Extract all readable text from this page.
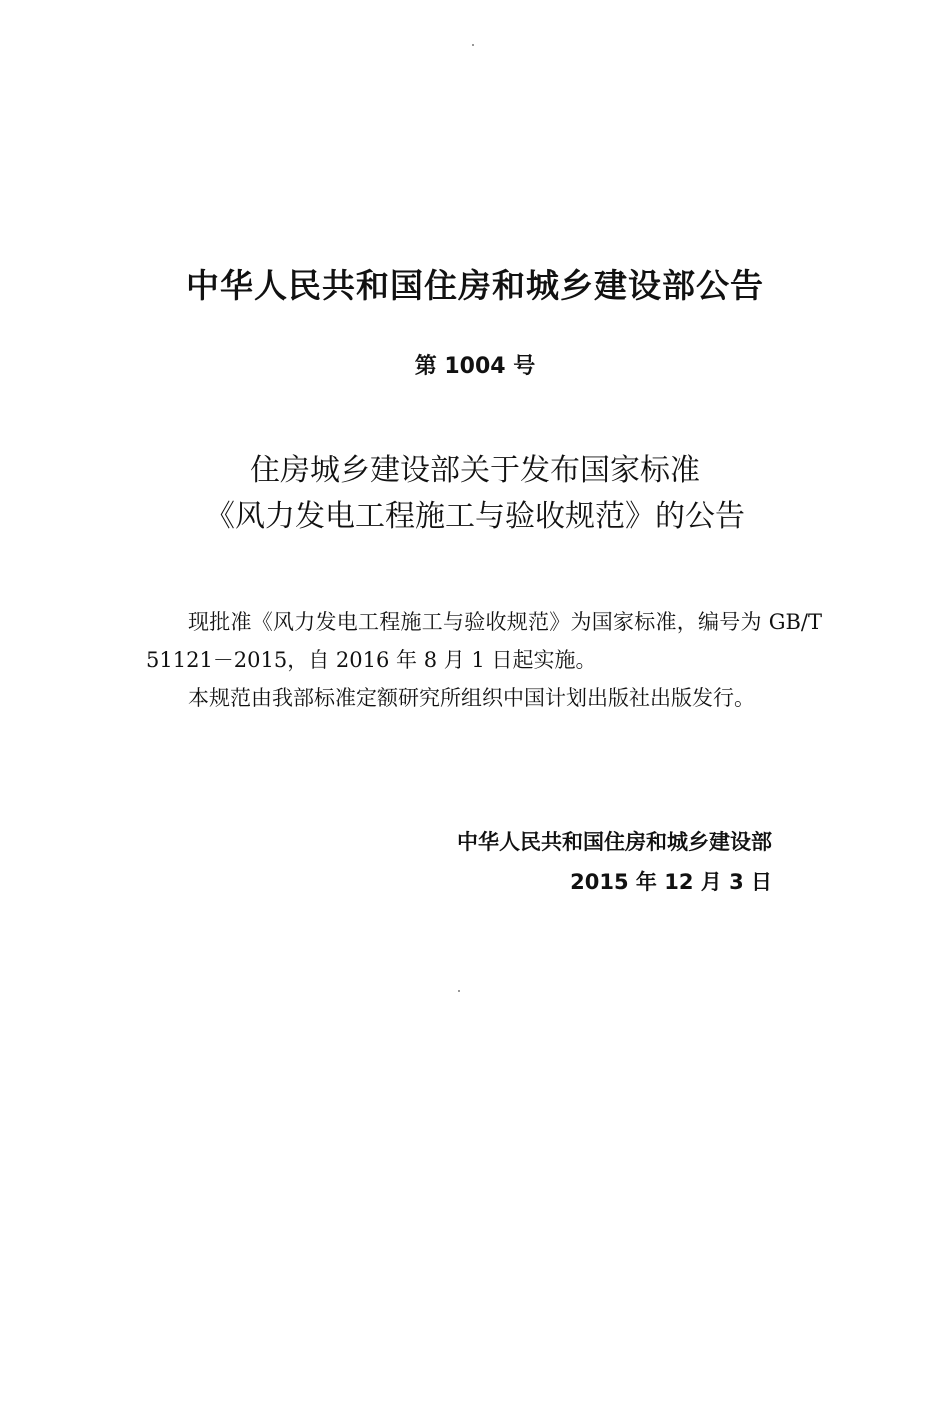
中华人民共和国住房和城乡建设部公告
第 1004 号
住房城乡建设部关于发布国家标准
《风力发电工程施工与验收规范》的公告

现批准《风力发电工程施工与验收规范》为国家标准，编号为 GB/T 51121－2015，自 2016 年 8 月 1 日起实施。

本规范由我部标准定额研究所组织中国计划出版社出版发行。

中华人民共和国住房和城乡建设部
2015 年 12 月 3 日
